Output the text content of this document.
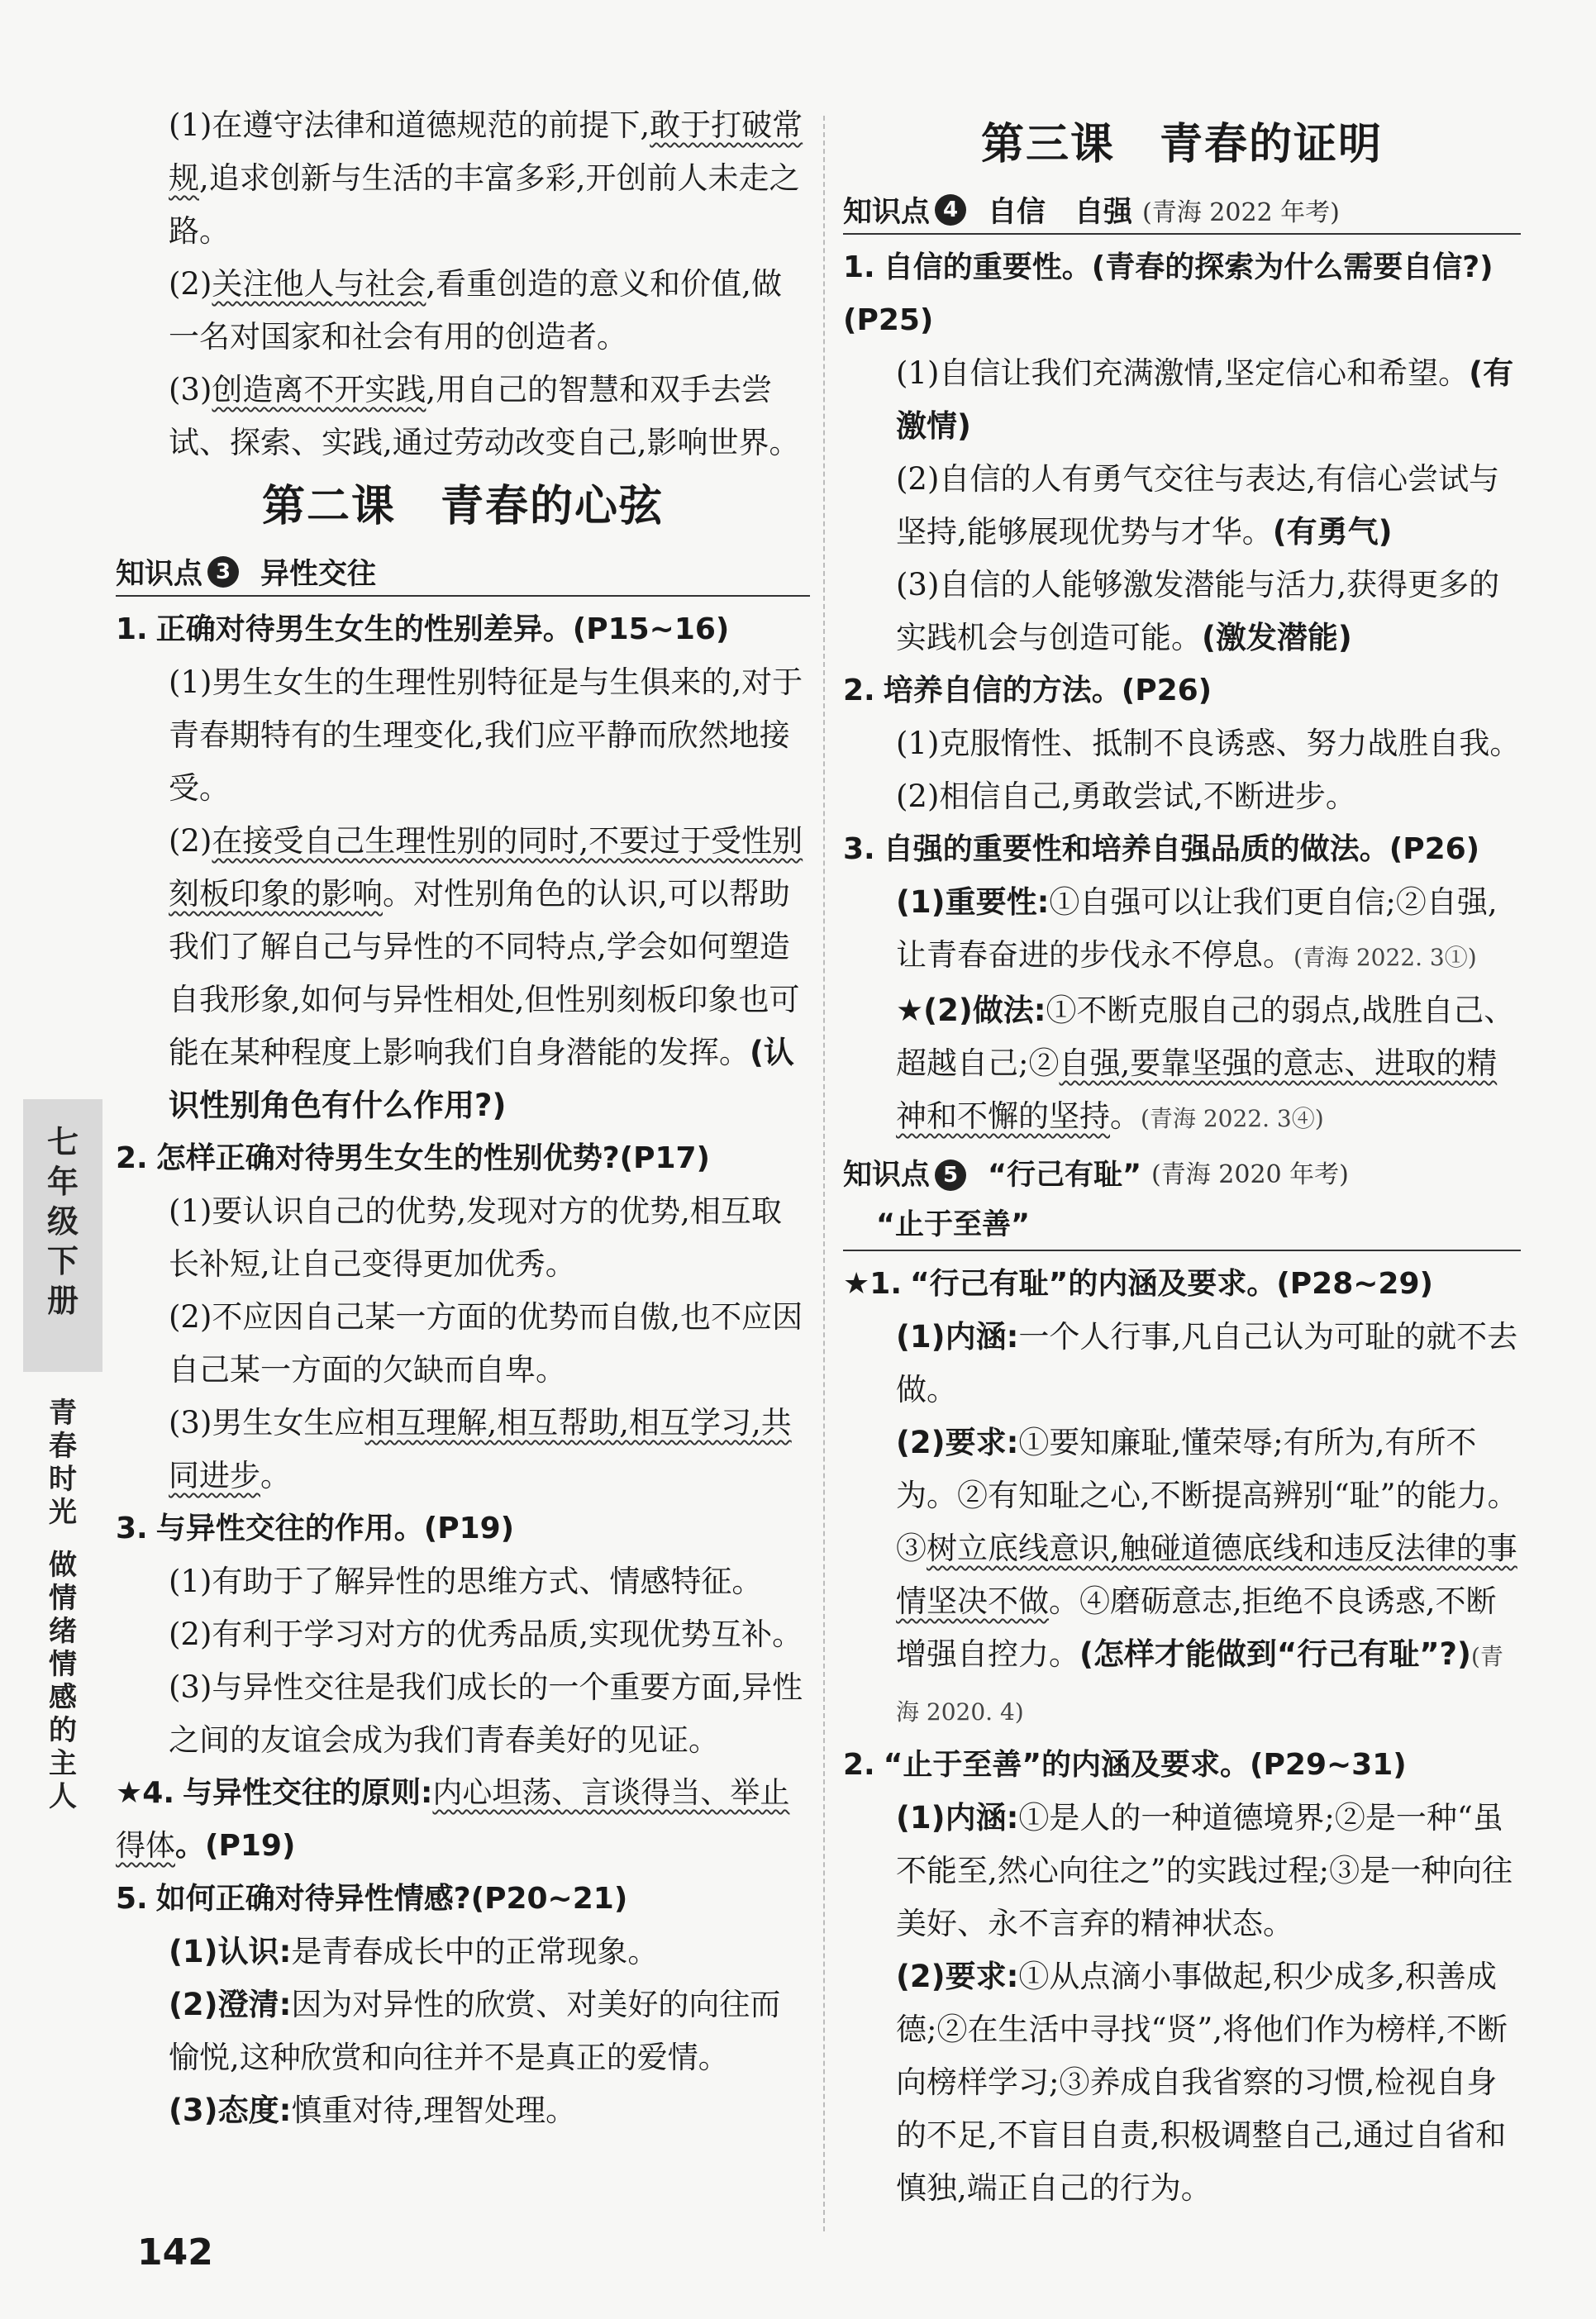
(1)在遵守法律和道德规范的前提下,敢于打破常规,追求创新与生活的丰富多彩,开创前人未走之路。

(2)关注他人与社会,看重创造的意义和价值,做一名对国家和社会有用的创造者。

(3)创造离不开实践,用自己的智慧和双手去尝试、探索、实践,通过劳动改变自己,影响世界。

第二课　青春的心弦
知识点 3 异性交往

1. 正确对待男生女生的性别差异。(P15~16)

(1)男生女生的生理性别特征是与生俱来的,对于青春期特有的生理变化,我们应平静而欣然地接受。

(2)在接受自己生理性别的同时,不要过于受性别刻板印象的影响。对性别角色的认识,可以帮助我们了解自己与异性的不同特点,学会如何塑造自我形象,如何与异性相处,但性别刻板印象也可能在某种程度上影响我们自身潜能的发挥。(认识性别角色有什么作用?)

2. 怎样正确对待男生女生的性别优势?(P17)

(1)要认识自己的优势,发现对方的优势,相互取长补短,让自己变得更加优秀。

(2)不应因自己某一方面的优势而自傲,也不应因自己某一方面的欠缺而自卑。

(3)男生女生应相互理解,相互帮助,相互学习,共同进步。

3. 与异性交往的作用。(P19)

(1)有助于了解异性的思维方式、情感特征。

(2)有利于学习对方的优秀品质,实现优势互补。

(3)与异性交往是我们成长的一个重要方面,异性之间的友谊会成为我们青春美好的见证。

★4. 与异性交往的原则:内心坦荡、言谈得当、举止得体。(P19)

5. 如何正确对待异性情感?(P20~21)

(1)认识:是青春成长中的正常现象。

(2)澄清:因为对异性的欣赏、对美好的向往而愉悦,这种欣赏和向往并不是真正的爱情。

(3)态度:慎重对待,理智处理。

第三课　青春的证明
知识点 4 自信　自强 (青海 2022 年考)

1. 自信的重要性。(青春的探索为什么需要自信?)(P25)

(1)自信让我们充满激情,坚定信心和希望。(有激情)

(2)自信的人有勇气交往与表达,有信心尝试与坚持,能够展现优势与才华。(有勇气)

(3)自信的人能够激发潜能与活力,获得更多的实践机会与创造可能。(激发潜能)

2. 培养自信的方法。(P26)

(1)克服惰性、抵制不良诱惑、努力战胜自我。

(2)相信自己,勇敢尝试,不断进步。

3. 自强的重要性和培养自强品质的做法。(P26)

(1)重要性:①自强可以让我们更自信;②自强,让青春奋进的步伐永不停息。(青海 2022. 3①)

★(2)做法:①不断克服自己的弱点,战胜自己、超越自己;②自强,要靠坚强的意志、进取的精神和不懈的坚持。(青海 2022. 3④)

知识点 5 “行己有耻” (青海 2020 年考)
“止于至善”

★1. “行己有耻”的内涵及要求。(P28~29)

(1)内涵:一个人行事,凡自己认为可耻的就不去做。

(2)要求:①要知廉耻,懂荣辱;有所为,有所不为。②有知耻之心,不断提高辨别“耻”的能力。③树立底线意识,触碰道德底线和违反法律的事情坚决不做。④磨砺意志,拒绝不良诱惑,不断增强自控力。(怎样才能做到“行己有耻”?)(青海 2020. 4)

2. “止于至善”的内涵及要求。(P29~31)

(1)内涵:①是人的一种道德境界;②是一种“虽不能至,然心向往之”的实践过程;③是一种向往美好、永不言弃的精神状态。

(2)要求:①从点滴小事做起,积少成多,积善成德;②在生活中寻找“贤”,将他们作为榜样,不断向榜样学习;③养成自我省察的习惯,检视自身的不足,不盲目自责,积极调整自己,通过自省和慎独,端正自己的行为。

七
年
级
下
册
青
春
时
光
做
情
绪
情
感
的
主
人
142
